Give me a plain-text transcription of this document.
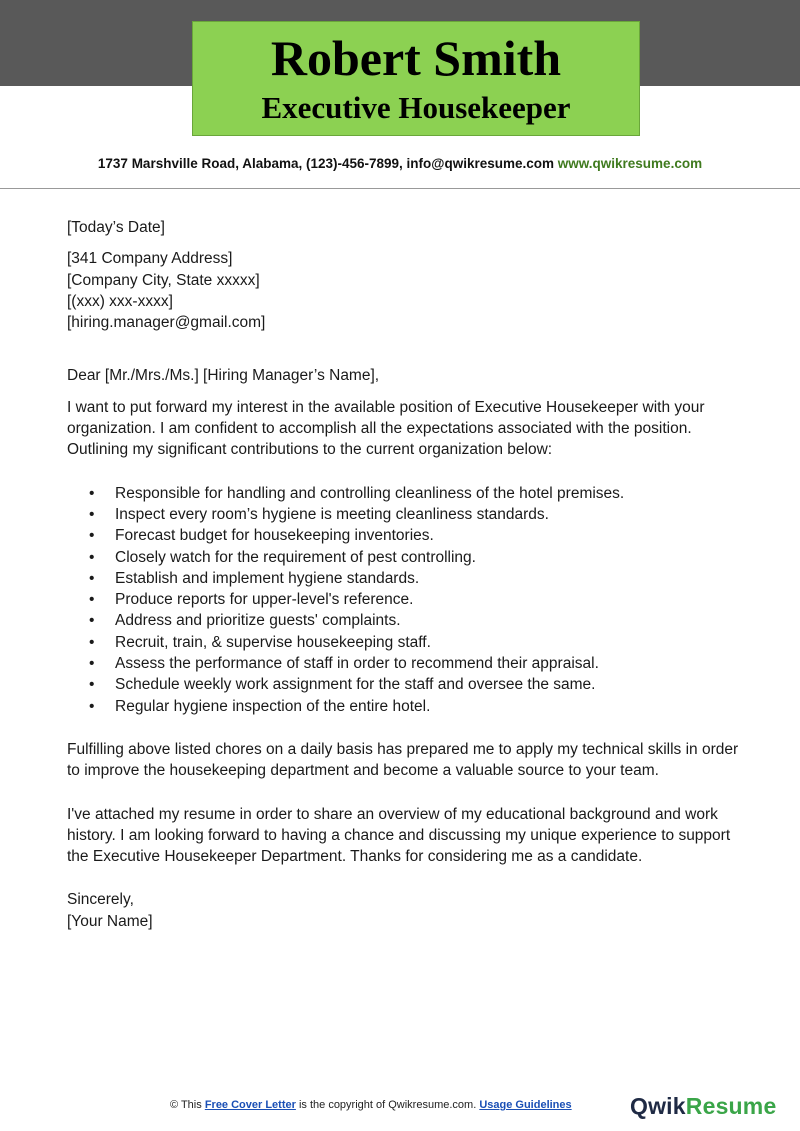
Robert Smith
Executive Housekeeper
1737 Marshville Road, Alabama, (123)-456-7899, info@qwikresume.com www.qwikresume.com

[Today’s Date]

[341 Company Address]

[Company City, State xxxxx]

[(xxx) xxx-xxxx]

[hiring.manager@gmail.com]

Dear [Mr./Mrs./Ms.] [Hiring Manager’s Name],

I want to put forward my interest in the available position of Executive Housekeeper with your organization. I am confident to accomplish all the expectations associated with the position. Outlining my significant contributions to the current organization below:

• Responsible for handling and controlling cleanliness of the hotel premises.
• Inspect every room’s hygiene is meeting cleanliness standards.
• Forecast budget for housekeeping inventories.
• Closely watch for the requirement of pest controlling.
• Establish and implement hygiene standards.
• Produce reports for upper-level's reference.
• Address and prioritize guests' complaints.
• Recruit, train, & supervise housekeeping staff.
• Assess the performance of staff in order to recommend their appraisal.
• Schedule weekly work assignment for the staff and oversee the same.
• Regular hygiene inspection of the entire hotel.

Fulfilling above listed chores on a daily basis has prepared me to apply my technical skills in order to improve the housekeeping department and become a valuable source to your team.

I've attached my resume in order to share an overview of my educational background and work history. I am looking forward to having a chance and discussing my unique experience to support the Executive Housekeeper Department. Thanks for considering me as a candidate.

Sincerely,

[Your Name]

© This Free Cover Letter is the copyright of Qwikresume.com. Usage Guidelines	QwikResume
